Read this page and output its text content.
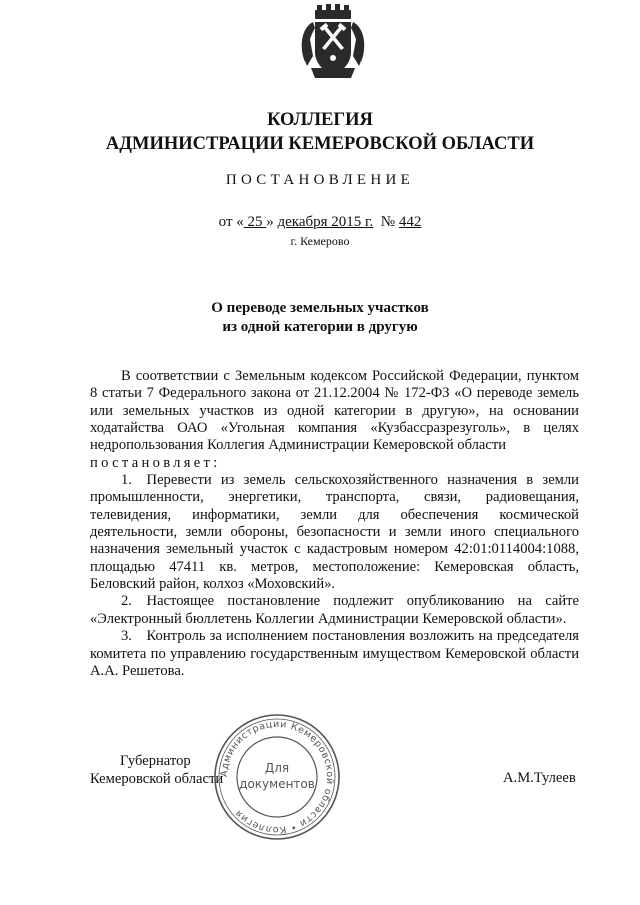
КОЛЛЕГИЯ
АДМИНИСТРАЦИИ КЕМЕРОВСКОЙ ОБЛАСТИ
ПОСТАНОВЛЕНИЕ
от « 25 » декабря 2015 г. № 442
г. Кемерово
О переводе земельных участков
из одной категории в другую

В соответствии с Земельным кодексом Российской Федерации, пунктом 8 статьи 7 Федерального закона от 21.12.2004 № 172-ФЗ «О переводе земель или земельных участков из одной категории в другую», на основании ходатайства ОАО «Угольная компания «Кузбассразрезуголь», в целях недропользования Коллегия Администрации Кемеровской области

постановляет:

1. Перевести из земель сельскохозяйственного назначения в земли промышленности, энергетики, транспорта, связи, радиовещания, телевидения, информатики, земли для обеспечения космической деятельности, земли обороны, безопасности и земли иного специального назначения земельный участок с кадастровым номером 42:01:0114004:1088, площадью 47411 кв. метров, местоположение: Кемеровская область, Беловский район, колхоз «Моховский».

2. Настоящее постановление подлежит опубликованию на сайте «Электронный бюллетень Коллегии Администрации Кемеровской области».

3. Контроль за исполнением постановления возложить на председателя комитета по управлению государственным имуществом Кемеровской области А.А. Решетова.

Губернатор
Кемеровской области	А.М.Тулеев
Администрации Кемеровской области • Коллегия
Для
документов
